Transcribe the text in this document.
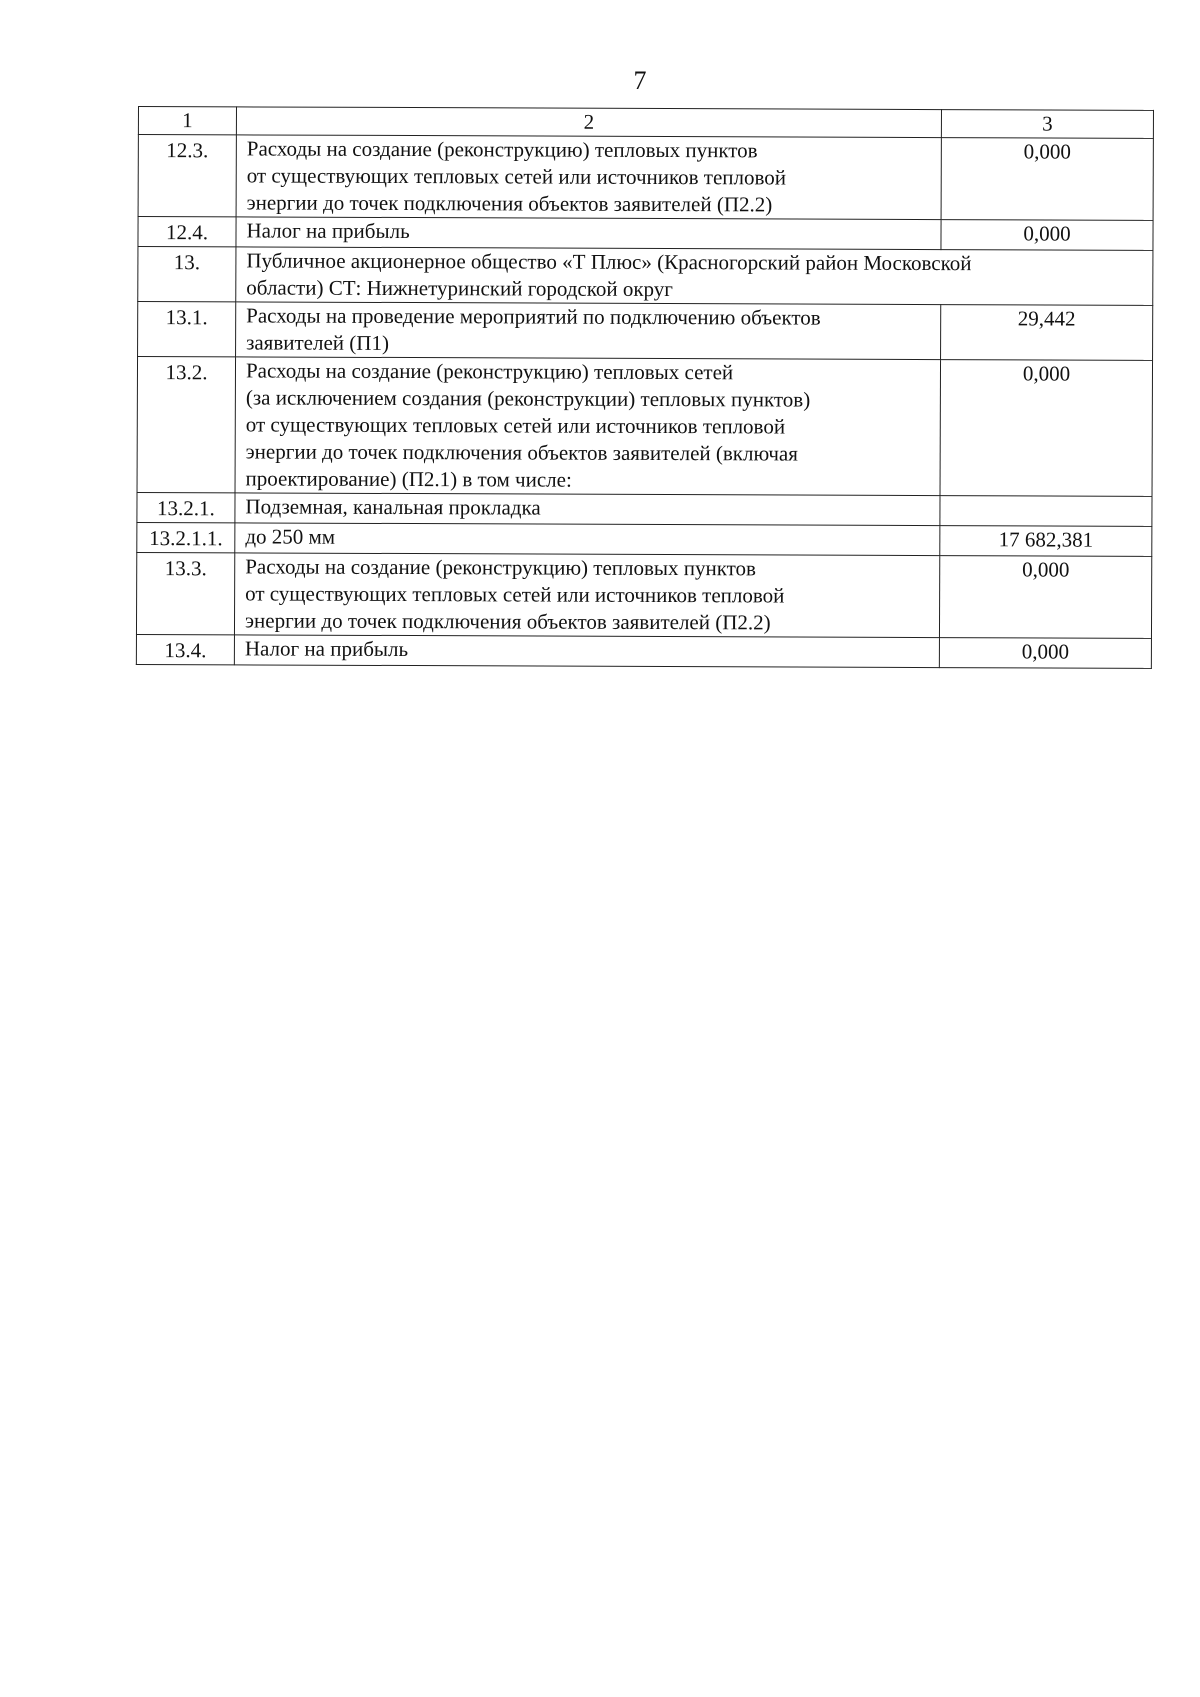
7
1	2	3
12.3.	Расходы на создание (реконструкцию) тепловых пунктов
от существующих тепловых сетей или источников тепловой
энергии до точек подключения объектов заявителей (П2.2)	0,000
12.4.	Налог на прибыль	0,000
13.	Публичное акционерное общество «Т Плюс» (Красногорский район Московской
области) СТ: Нижнетуринский городской округ	

13.1.	Расходы на проведение мероприятий по подключению объектов
заявителей (П1)	29,442
13.2.	Расходы на создание (реконструкцию) тепловых сетей
(за исключением создания (реконструкции) тепловых пунктов)
от существующих тепловых сетей или источников тепловой
энергии до точек подключения объектов заявителей (включая
проектирование) (П2.1) в том числе:	0,000
13.2.1.	Подземная, канальная прокладка	

13.2.1.1.	до 250 мм	17 682,381
13.3.	Расходы на создание (реконструкцию) тепловых пунктов
от существующих тепловых сетей или источников тепловой
энергии до точек подключения объектов заявителей (П2.2)	0,000
13.4.	Налог на прибыль	0,000
